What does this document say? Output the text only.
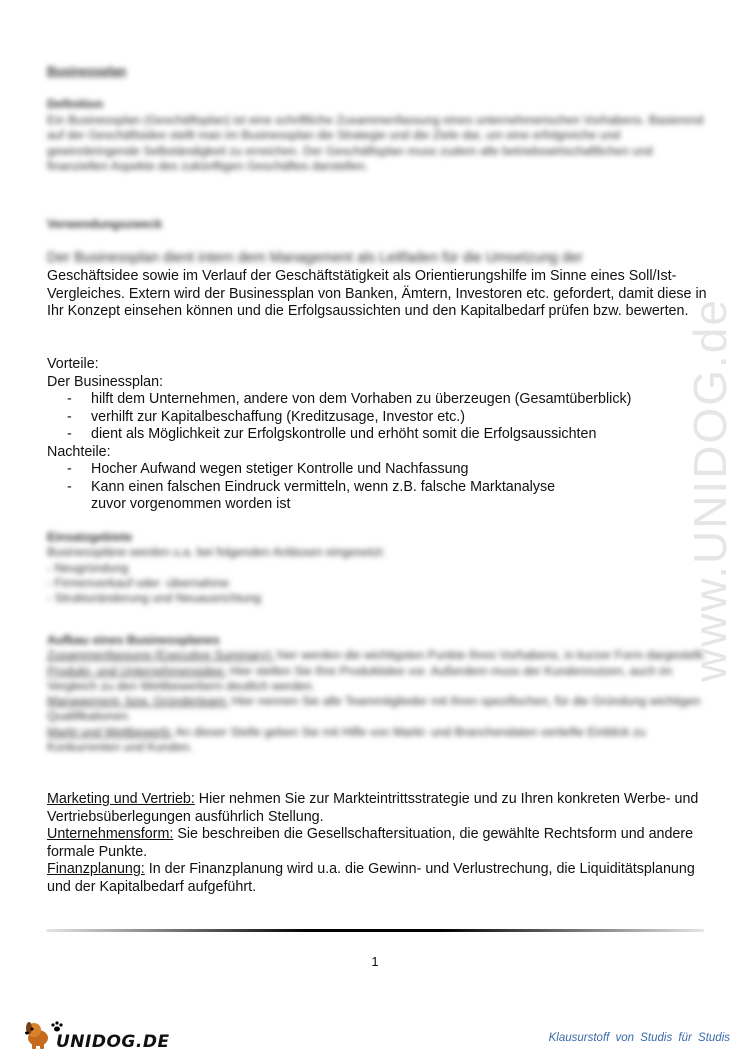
Businessplan
Definition
Ein Businessplan (Geschäftsplan) ist eine schriftliche Zusammenfassung eines unternehmerischen Vorhabens. Basierend auf der Geschäftsidee stellt man im Businessplan die Strategie und die Ziele dar, um eine erfolgreiche und gewinnbringende Selbständigkeit zu erreichen. Der Geschäftsplan muss zudem alle betriebswirtschaftlichen und finanziellen Aspekte des zukünftigen Geschäftes darstellen.
Verwendungszweck
Der Businessplan dient intern dem Management als Leitfaden für die Umsetzung der
Geschäftsidee sowie im Verlauf der Geschäftstätigkeit als Orientierungshilfe im Sinne eines Soll/Ist-Vergleiches. Extern wird der Businessplan von Banken, Ämtern, Investoren etc. gefordert, damit diese in Ihr Konzept einsehen können und die Erfolgsaussichten und den Kapitalbedarf prüfen bzw. bewerten.
Vorteile:
Der Businessplan:
- hilft dem Unternehmen, andere von dem Vorhaben zu überzeugen (Gesamtüberblick)
- verhilft zur Kapitalbeschaffung (Kreditzusage, Investor etc.)
- dient als Möglichkeit zur Erfolgskontrolle und erhöht somit die Erfolgsaussichten
Nachteile:
- Hocher Aufwand wegen stetiger Kontrolle und Nachfassung
- Kann einen falschen Eindruck vermitteln, wenn z.B. falsche Marktanalyse zuvor vorgenommen worden ist
Einsatzgebiete
Businesspläne werden u.a. bei folgenden Anlässen eingesetzt:
- Neugründung
- Firmenverkauf oder -übernahme
- Strukturänderung und Neuausrichtung
Aufbau eines Businessplanes
Zusammenfassung (Executive Summary): hier werden die wichtigsten Punkte Ihres Vorhabens, in kurzer Form dargestellt.
Produkt- und Unternehmensidee: Hier stellen Sie Ihre Produktidee vor. Außerdem muss der Kundennutzen, auch im Vergleich zu den Wettbewerbern deutlich werden.
Management- bzw. Gründerteam: Hier nennen Sie alle Teammitglieder mit ihren spezifischen, für die Gründung wichtigen Qualifikationen.
Markt und Wettbewerb: An dieser Stelle geben Sie mit Hilfe von Markt- und Branchendaten vertiefte Einblick zu Konkurrenten und Kunden.
Marketing und Vertrieb: Hier nehmen Sie zur Markteintrittsstrategie und zu Ihren konkreten Werbe- und Vertriebsüberlegungen ausführlich Stellung.
Unternehmensform: Sie beschreiben die Gesellschaftersituation, die gewählte Rechtsform und andere formale Punkte.
Finanzplanung: In der Finanzplanung wird u.a. die Gewinn- und Verlustrechung, die Liquiditätsplanung und der Kapitalbedarf aufgeführt.
www.UNIDOG.de
1
UNIDOG.DE	Klausurstoff von Studis für Studis
